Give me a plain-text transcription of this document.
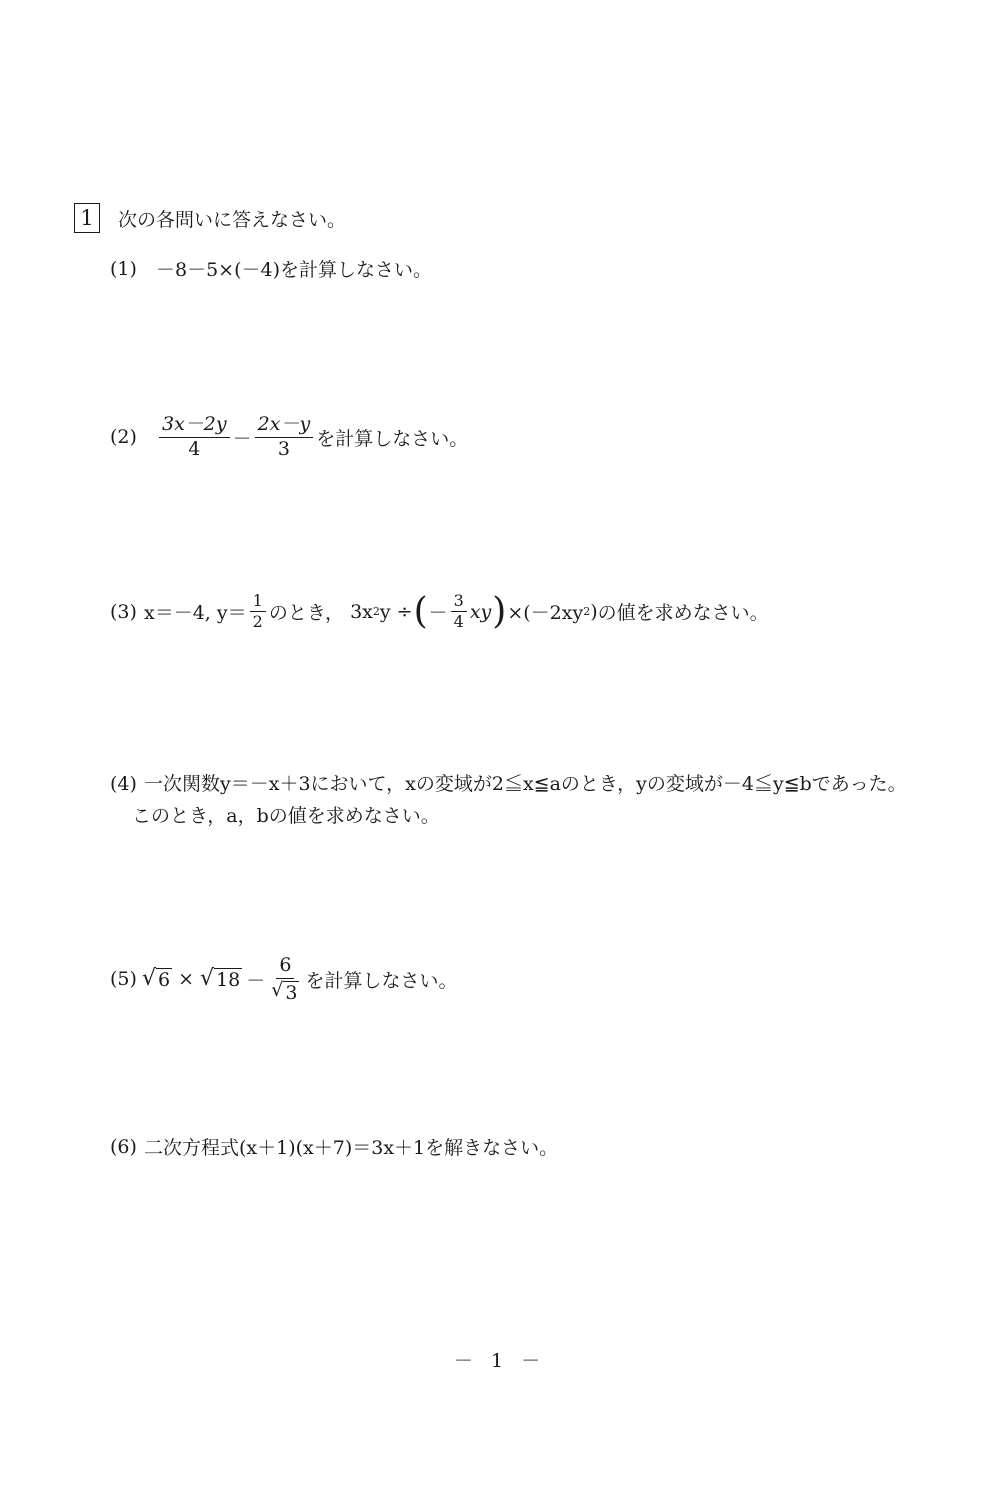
1	次の各問いに答えなさい。
(1)	－8－5×(－4) を計算しなさい。
(2)	$\frac{3x-2y}{4} - \frac{2x-y}{3}$ を計算しなさい。
(3) x＝－4, $y= \frac{1}{2}$ のとき， 3x 2 y ÷ ( － $\frac{3}{4}$ xy ) ×(－2xy 2 ) の値を求めなさい。
(4) 一次関数y＝－x＋3において，xの変域が2≦x≦aのとき，yの変域が－4≦y≦bであった。
このとき，a，bの値を求めなさい。
(5) √ 6 × √ $18 - \frac{6}{√ 3}$ を計算しなさい。
(6) 二次方程式(x＋1)(x＋7)＝3x＋1を解きなさい。
－ 1 －
